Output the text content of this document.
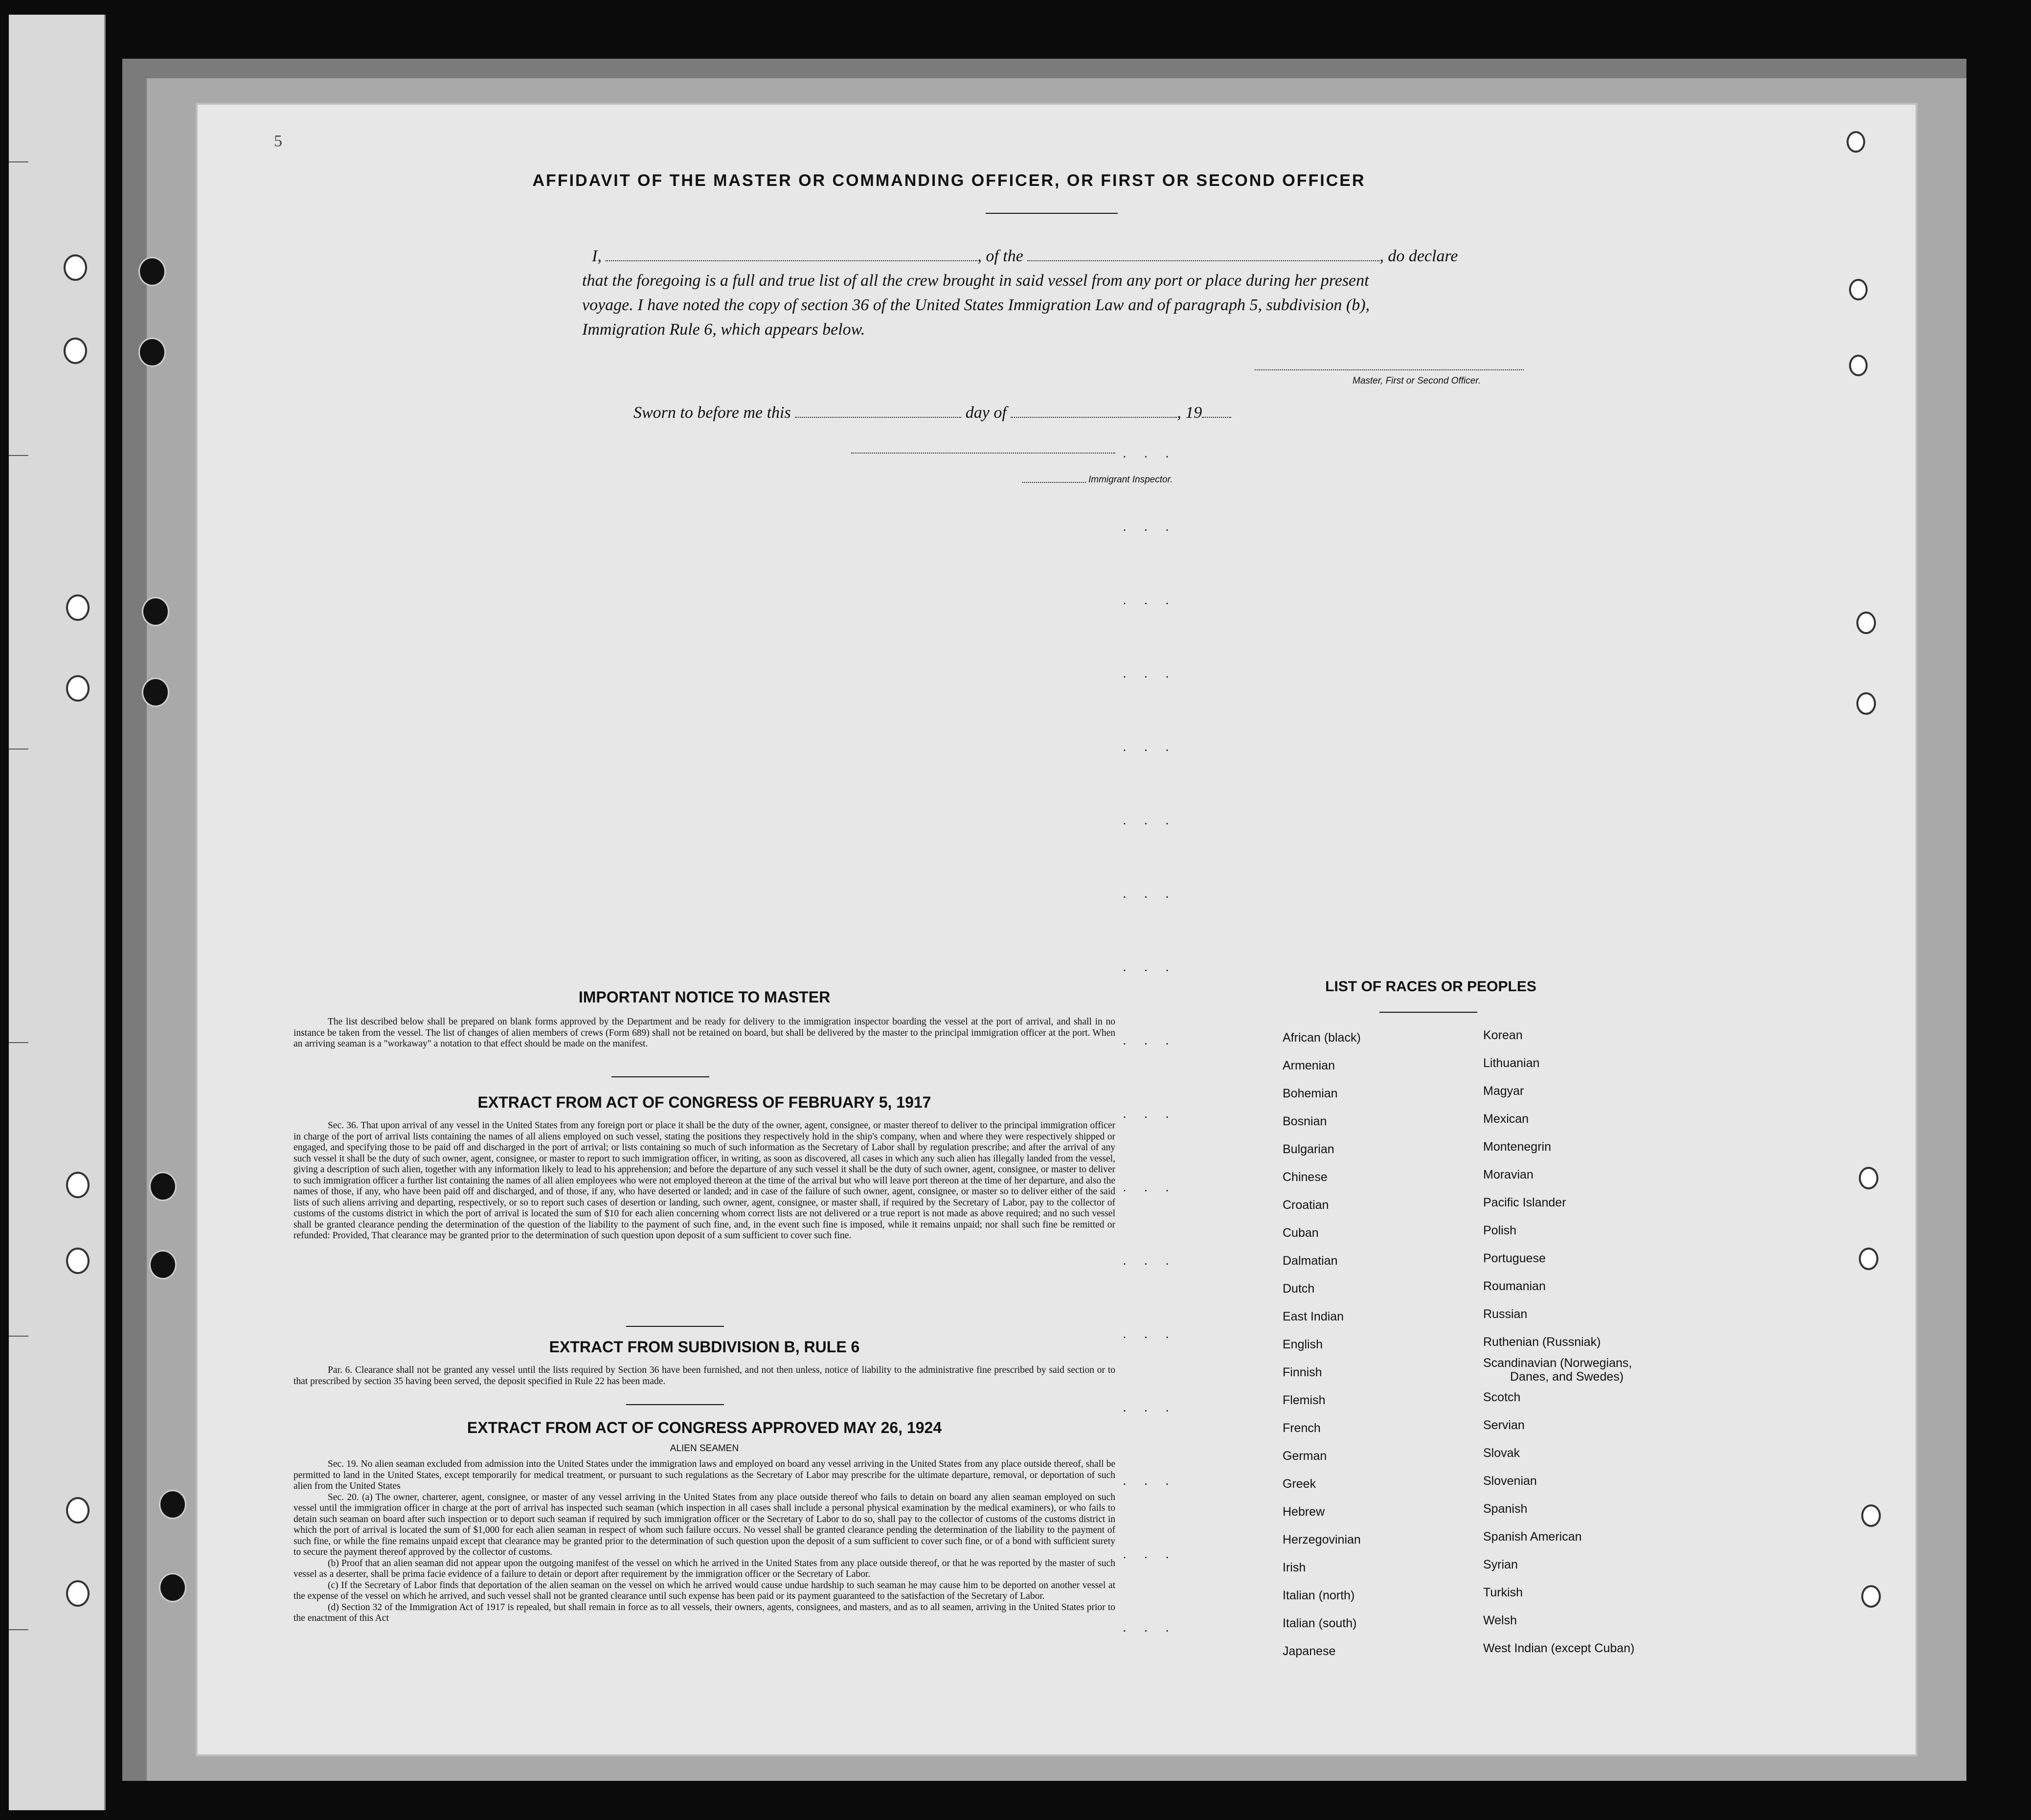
5

AFFIDAVIT OF THE MASTER OR COMMANDING OFFICER, OR FIRST OR SECOND OFFICER
I,	, of the	, do declare
that the foregoing is a full and true list of all the crew brought in said vessel from any port or place during her present
voyage. I have noted the copy of section 36 of the United States Immigration Law and of paragraph 5, subdivision (b),
Immigration Rule 6, which appears below.
Master, First or Second Officer.
Sworn to before me this	day of	, 19
Immigrant Inspector.
. . .
. . .
. . .
. . .
. . .
. . .
. . .
. . .
. . .
. . .
. . .
. . .
. . .
. . .
. . .
. . .
. . .
IMPORTANT NOTICE TO MASTER

The list described below shall be prepared on blank forms approved by the Department and be ready for delivery to the immigration inspector boarding the vessel at the port of arrival, and shall in no instance be taken from the vessel. The list of changes of alien members of crews (Form 689) shall not be retained on board, but shall be delivered by the master to the principal immigration officer at the port. When an arriving seaman is a "workaway" a notation to that effect should be made on the manifest.

EXTRACT FROM ACT OF CONGRESS OF FEBRUARY 5, 1917

Sec. 36. That upon arrival of any vessel in the United States from any foreign port or place it shall be the duty of the owner, agent, consignee, or master thereof to deliver to the principal immigration officer in charge of the port of arrival lists containing the names of all aliens employed on such vessel, stating the positions they respectively hold in the ship's company, when and where they were respectively shipped or engaged, and specifying those to be paid off and discharged in the port of arrival; or lists containing so much of such information as the Secretary of Labor shall by regulation prescribe; and after the arrival of any such vessel it shall be the duty of such owner, agent, consignee, or master to report to such immigration officer, in writing, as soon as discovered, all cases in which any such alien has illegally landed from the vessel, giving a description of such alien, together with any information likely to lead to his apprehension; and before the departure of any such vessel it shall be the duty of such owner, agent, consignee, or master to deliver to such immigration officer a further list containing the names of all alien employees who were not employed thereon at the time of the arrival but who will leave port thereon at the time of her departure, and also the names of those, if any, who have been paid off and discharged, and of those, if any, who have deserted or landed; and in case of the failure of such owner, agent, consignee, or master so to deliver either of the said lists of such aliens arriving and departing, respectively, or so to report such cases of desertion or landing, such owner, agent, consignee, or master shall, if required by the Secretary of Labor, pay to the collector of customs of the customs district in which the port of arrival is located the sum of $10 for each alien concerning whom correct lists are not delivered or a true report is not made as above required; and no such vessel shall be granted clearance pending the determination of the question of the liability to the payment of such fine, and, in the event such fine is imposed, while it remains unpaid; nor shall such fine be remitted or refunded: Provided, That clearance may be granted prior to the determination of such question upon deposit of a sum sufficient to cover such fine.

EXTRACT FROM SUBDIVISION B, RULE 6

Par. 6. Clearance shall not be granted any vessel until the lists required by Section 36 have been furnished, and not then unless, notice of liability to the administrative fine prescribed by said section or to that prescribed by section 35 having been served, the deposit specified in Rule 22 has been made.

EXTRACT FROM ACT OF CONGRESS APPROVED MAY 26, 1924
ALIEN SEAMEN

Sec. 19. No alien seaman excluded from admission into the United States under the immigration laws and employed on board any vessel arriving in the United States from any place outside thereof, shall be permitted to land in the United States, except temporarily for medical treatment, or pursuant to such regulations as the Secretary of Labor may prescribe for the ultimate departure, removal, or deportation of such alien from the United States

Sec. 20. (a) The owner, charterer, agent, consignee, or master of any vessel arriving in the United States from any place outside thereof who fails to detain on board any alien seaman employed on such vessel until the immigration officer in charge at the port of arrival has inspected such seaman (which inspection in all cases shall include a personal physical examination by the medical examiners), or who fails to detain such seaman on board after such inspection or to deport such seaman if required by such immigration officer or the Secretary of Labor to do so, shall pay to the collector of customs of the customs district in which the port of arrival is located the sum of $1,000 for each alien seaman in respect of whom such failure occurs. No vessel shall be granted clearance pending the determination of the liability to the payment of such fine, or while the fine remains unpaid except that clearance may be granted prior to the determination of such question upon the deposit of a sum sufficient to cover such fine, or of a bond with sufficient surety to secure the payment thereof approved by the collector of customs.

(b) Proof that an alien seaman did not appear upon the outgoing manifest of the vessel on which he arrived in the United States from any place outside thereof, or that he was reported by the master of such vessel as a deserter, shall be prima facie evidence of a failure to detain or deport after requirement by the immigration officer or the Secretary of Labor.

(c) If the Secretary of Labor finds that deportation of the alien seaman on the vessel on which he arrived would cause undue hardship to such seaman he may cause him to be deported on another vessel at the expense of the vessel on which he arrived, and such vessel shall not be granted clearance until such expense has been paid or its payment guaranteed to the satisfaction of the Secretary of Labor.

(d) Section 32 of the Immigration Act of 1917 is repealed, but shall remain in force as to all vessels, their owners, agents, consignees, and masters, and as to all seamen, arriving in the United States prior to the enactment of this Act

LIST OF RACES OR PEOPLES
African (black)
Armenian
Bohemian
Bosnian
Bulgarian
Chinese
Croatian
Cuban
Dalmatian
Dutch
East Indian
English
Finnish
Flemish
French
German
Greek
Hebrew
Herzegovinian
Irish
Italian (north)
Italian (south)
Japanese
Korean
Lithuanian
Magyar
Mexican
Montenegrin
Moravian
Pacific Islander
Polish
Portuguese
Roumanian
Russian
Ruthenian (Russniak)
Scandinavian (Norwegians,
Danes, and Swedes)
Scotch
Servian
Slovak
Slovenian
Spanish
Spanish American
Syrian
Turkish
Welsh
West Indian (except Cuban)
